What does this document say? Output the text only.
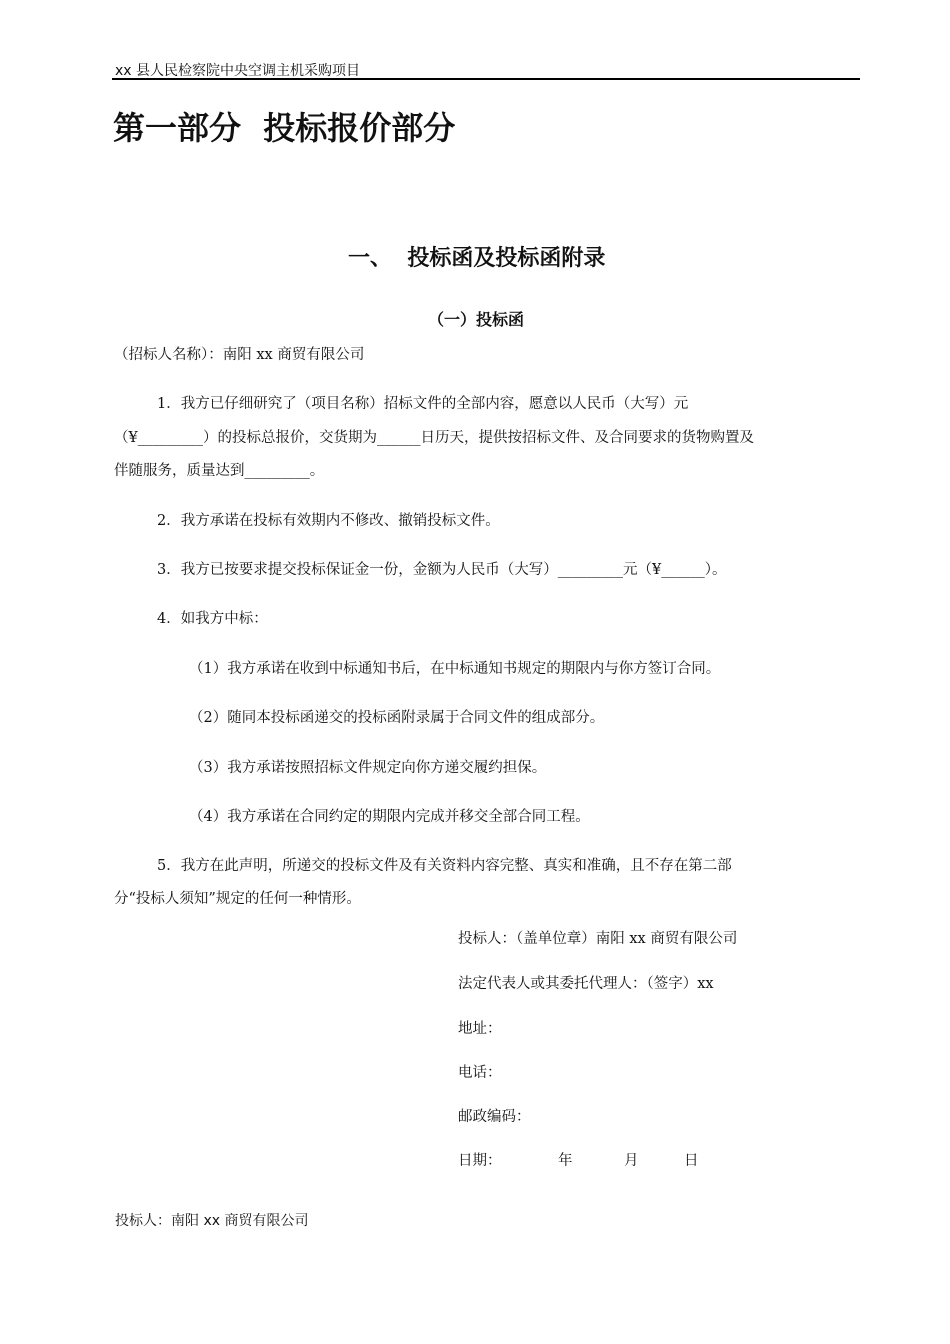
xx 县人民检察院中央空调主机采购项目
第一部分  投标报价部分
一、  投标函及投标函附录
（一）投标函
（招标人名称）：南阳 xx 商贸有限公司
1．我方已仔细研究了（项目名称）招标文件的全部内容，愿意以人民币（大写）元
（¥_________）的投标总报价，交货期为______日历天，提供按招标文件、及合同要求的货物购置及
伴随服务，质量达到_________。
2．我方承诺在投标有效期内不修改、撤销投标文件。
3．我方已按要求提交投标保证金一份，金额为人民币（大写）_________元（¥______）。
4．如我方中标：
（1）我方承诺在收到中标通知书后，在中标通知书规定的期限内与你方签订合同。
（2）随同本投标函递交的投标函附录属于合同文件的组成部分。
（3）我方承诺按照招标文件规定向你方递交履约担保。
（4）我方承诺在合同约定的期限内完成并移交全部合同工程。
5．我方在此声明，所递交的投标文件及有关资料内容完整、真实和准确，且不存在第二部
分“投标人须知”规定的任何一种情形。
投标人：（盖单位章）南阳 xx 商贸有限公司
法定代表人或其委托代理人：（签字）xx
地址：
电话：
邮政编码：
日期：	年	月	日
投标人：南阳 xx 商贸有限公司
